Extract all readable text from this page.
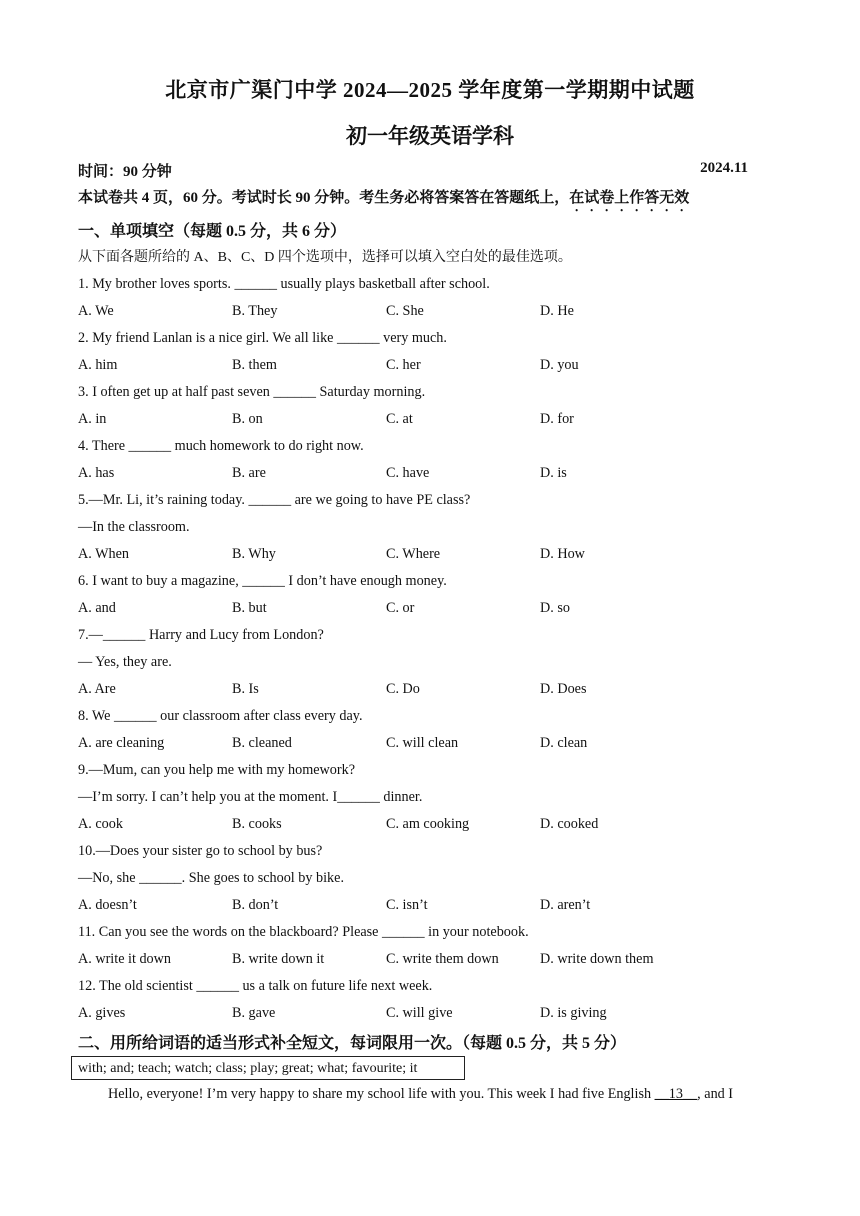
北京市广渠门中学 2024—2025 学年度第一学期期中试题
初一年级英语学科
时间：90 分钟	2024.11
本试卷共 4 页，60 分。考试时长 90 分钟。考生务必将答案答在答题纸上，在试卷上作答无效
一、单项填空（每题 0.5 分，共 6 分）
从下面各题所给的 A、B、C、D 四个选项中，选择可以填入空白处的最佳选项。
1. My brother loves sports. ______ usually plays basketball after school.
A. We	B. They	C. She	D. He
2. My friend Lanlan is a nice girl. We all like ______ very much.
A. him	B. them	C. her	D. you
3. I often get up at half past seven ______ Saturday morning.
A. in	B. on	C. at	D. for
4. There ______ much homework to do right now.
A. has	B. are	C. have	D. is
5.—Mr. Li, it’s raining today. ______ are we going to have PE class?
—In the classroom.
A. When	B. Why	C. Where	D. How
6. I want to buy a magazine, ______ I don’t have enough money.
A. and	B. but	C. or	D. so
7.—______ Harry and Lucy from London?
— Yes, they are.
A. Are	B. Is	C. Do	D. Does
8. We ______ our classroom after class every day.
A. are cleaning	B. cleaned	C. will clean	D. clean
9.—Mum, can you help me with my homework?
—I’m sorry. I can’t help you at the moment. I______ dinner.
A. cook	B. cooks	C. am cooking	D. cooked
10.—Does your sister go to school by bus?
—No, she ______. She goes to school by bike.
A. doesn’t	B. don’t	C. isn’t	D. aren’t
11. Can you see the words on the blackboard? Please ______ in your notebook.
A. write it down	B. write down it	C. write them down	D. write down them
12. The old scientist ______ us a talk on future life next week.
A. gives	B. gave	C. will give	D. is giving
二、用所给词语的适当形式补全短文，每词限用一次。（每题 0.5 分，共 5 分）
with; and; teach; watch; class; play; great; what; favourite; it
Hello, everyone! I’m very happy to share my school life with you. This week I had five English __13__, and I
